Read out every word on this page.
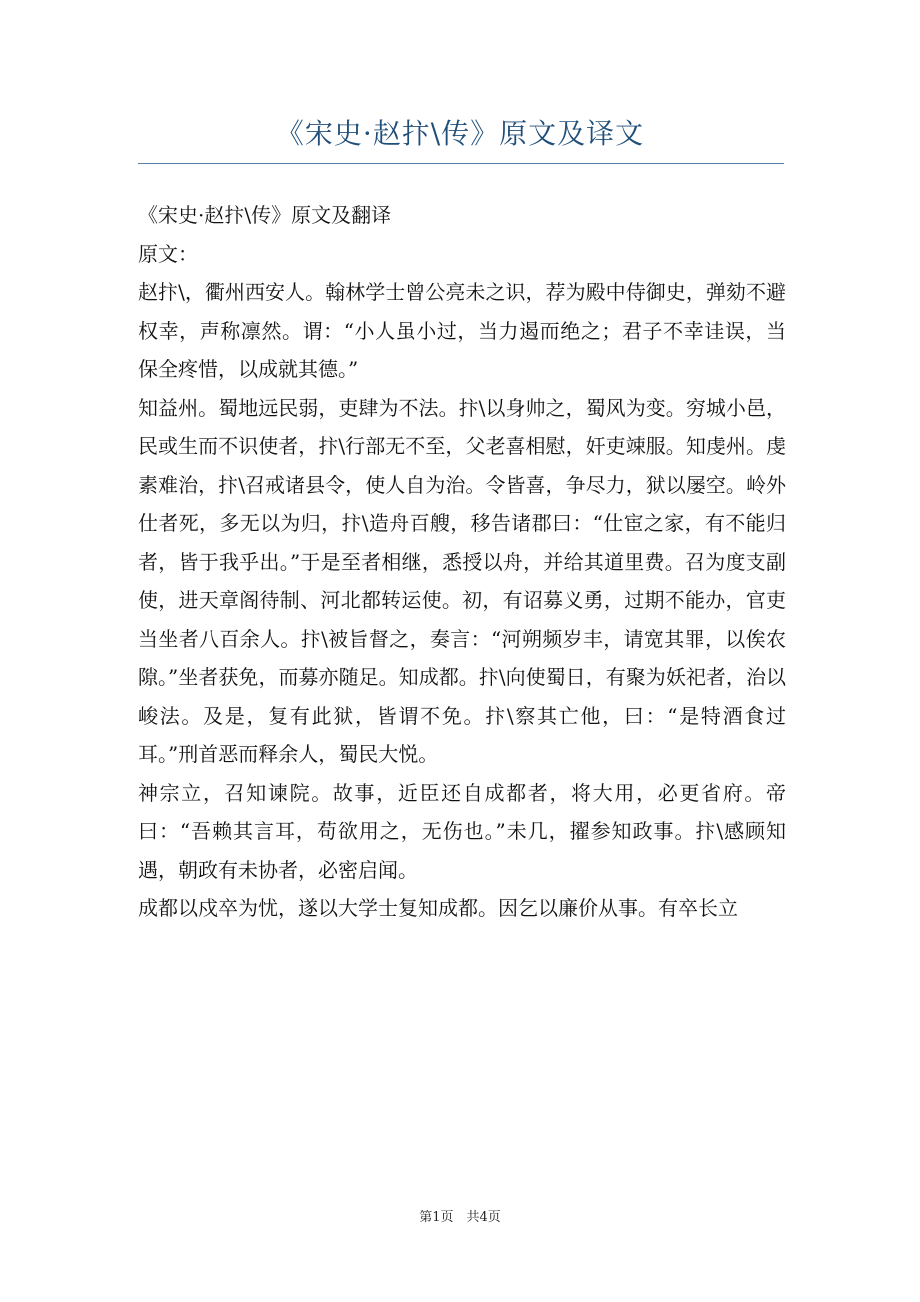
《宋史·赵抃\传》原文及译文

《宋史·赵抃\传》原文及翻译

原文：

赵抃\，衢州西安人。翰林学士曾公亮未之识，荐为殿中侍御史，弹劾不避权幸，声称凛然。谓：“小人虽小过，当力遏而绝之；君子不幸诖误，当保全疼惜，以成就其德。”

知益州。蜀地远民弱，吏肆为不法。抃\以身帅之，蜀风为变。穷城小邑，民或生而不识使者，抃\行部无不至，父老喜相慰，奸吏竦服。知虔州。虔素难治，抃\召戒诸县令，使人自为治。令皆喜，争尽力，狱以屡空。岭外仕者死，多无以为归，抃\造舟百艘，移告诸郡曰：“仕宦之家，有不能归者，皆于我乎出。”于是至者相继，悉授以舟，并给其道里费。召为度支副使，进天章阁待制、河北都转运使。初，有诏募义勇，过期不能办，官吏当坐者八百余人。抃\被旨督之，奏言：“河朔频岁丰，请宽其罪，以俟农隙。”坐者获免，而募亦随足。知成都。抃\向使蜀日，有聚为妖祀者，治以峻法。及是，复有此狱，皆谓不免。抃\察其亡他，曰：“是特酒食过耳。”刑首恶而释余人，蜀民大悦。

神宗立，召知谏院。故事，近臣还自成都者，将大用，必更省府。帝曰：“吾赖其言耳，苟欲用之，无伤也。”未几，擢参知政事。抃\感顾知遇，朝政有未协者，必密启闻。

成都以戍卒为忧，遂以大学士复知成都。因乞以廉价从事。有卒长立

第1页　共4页
